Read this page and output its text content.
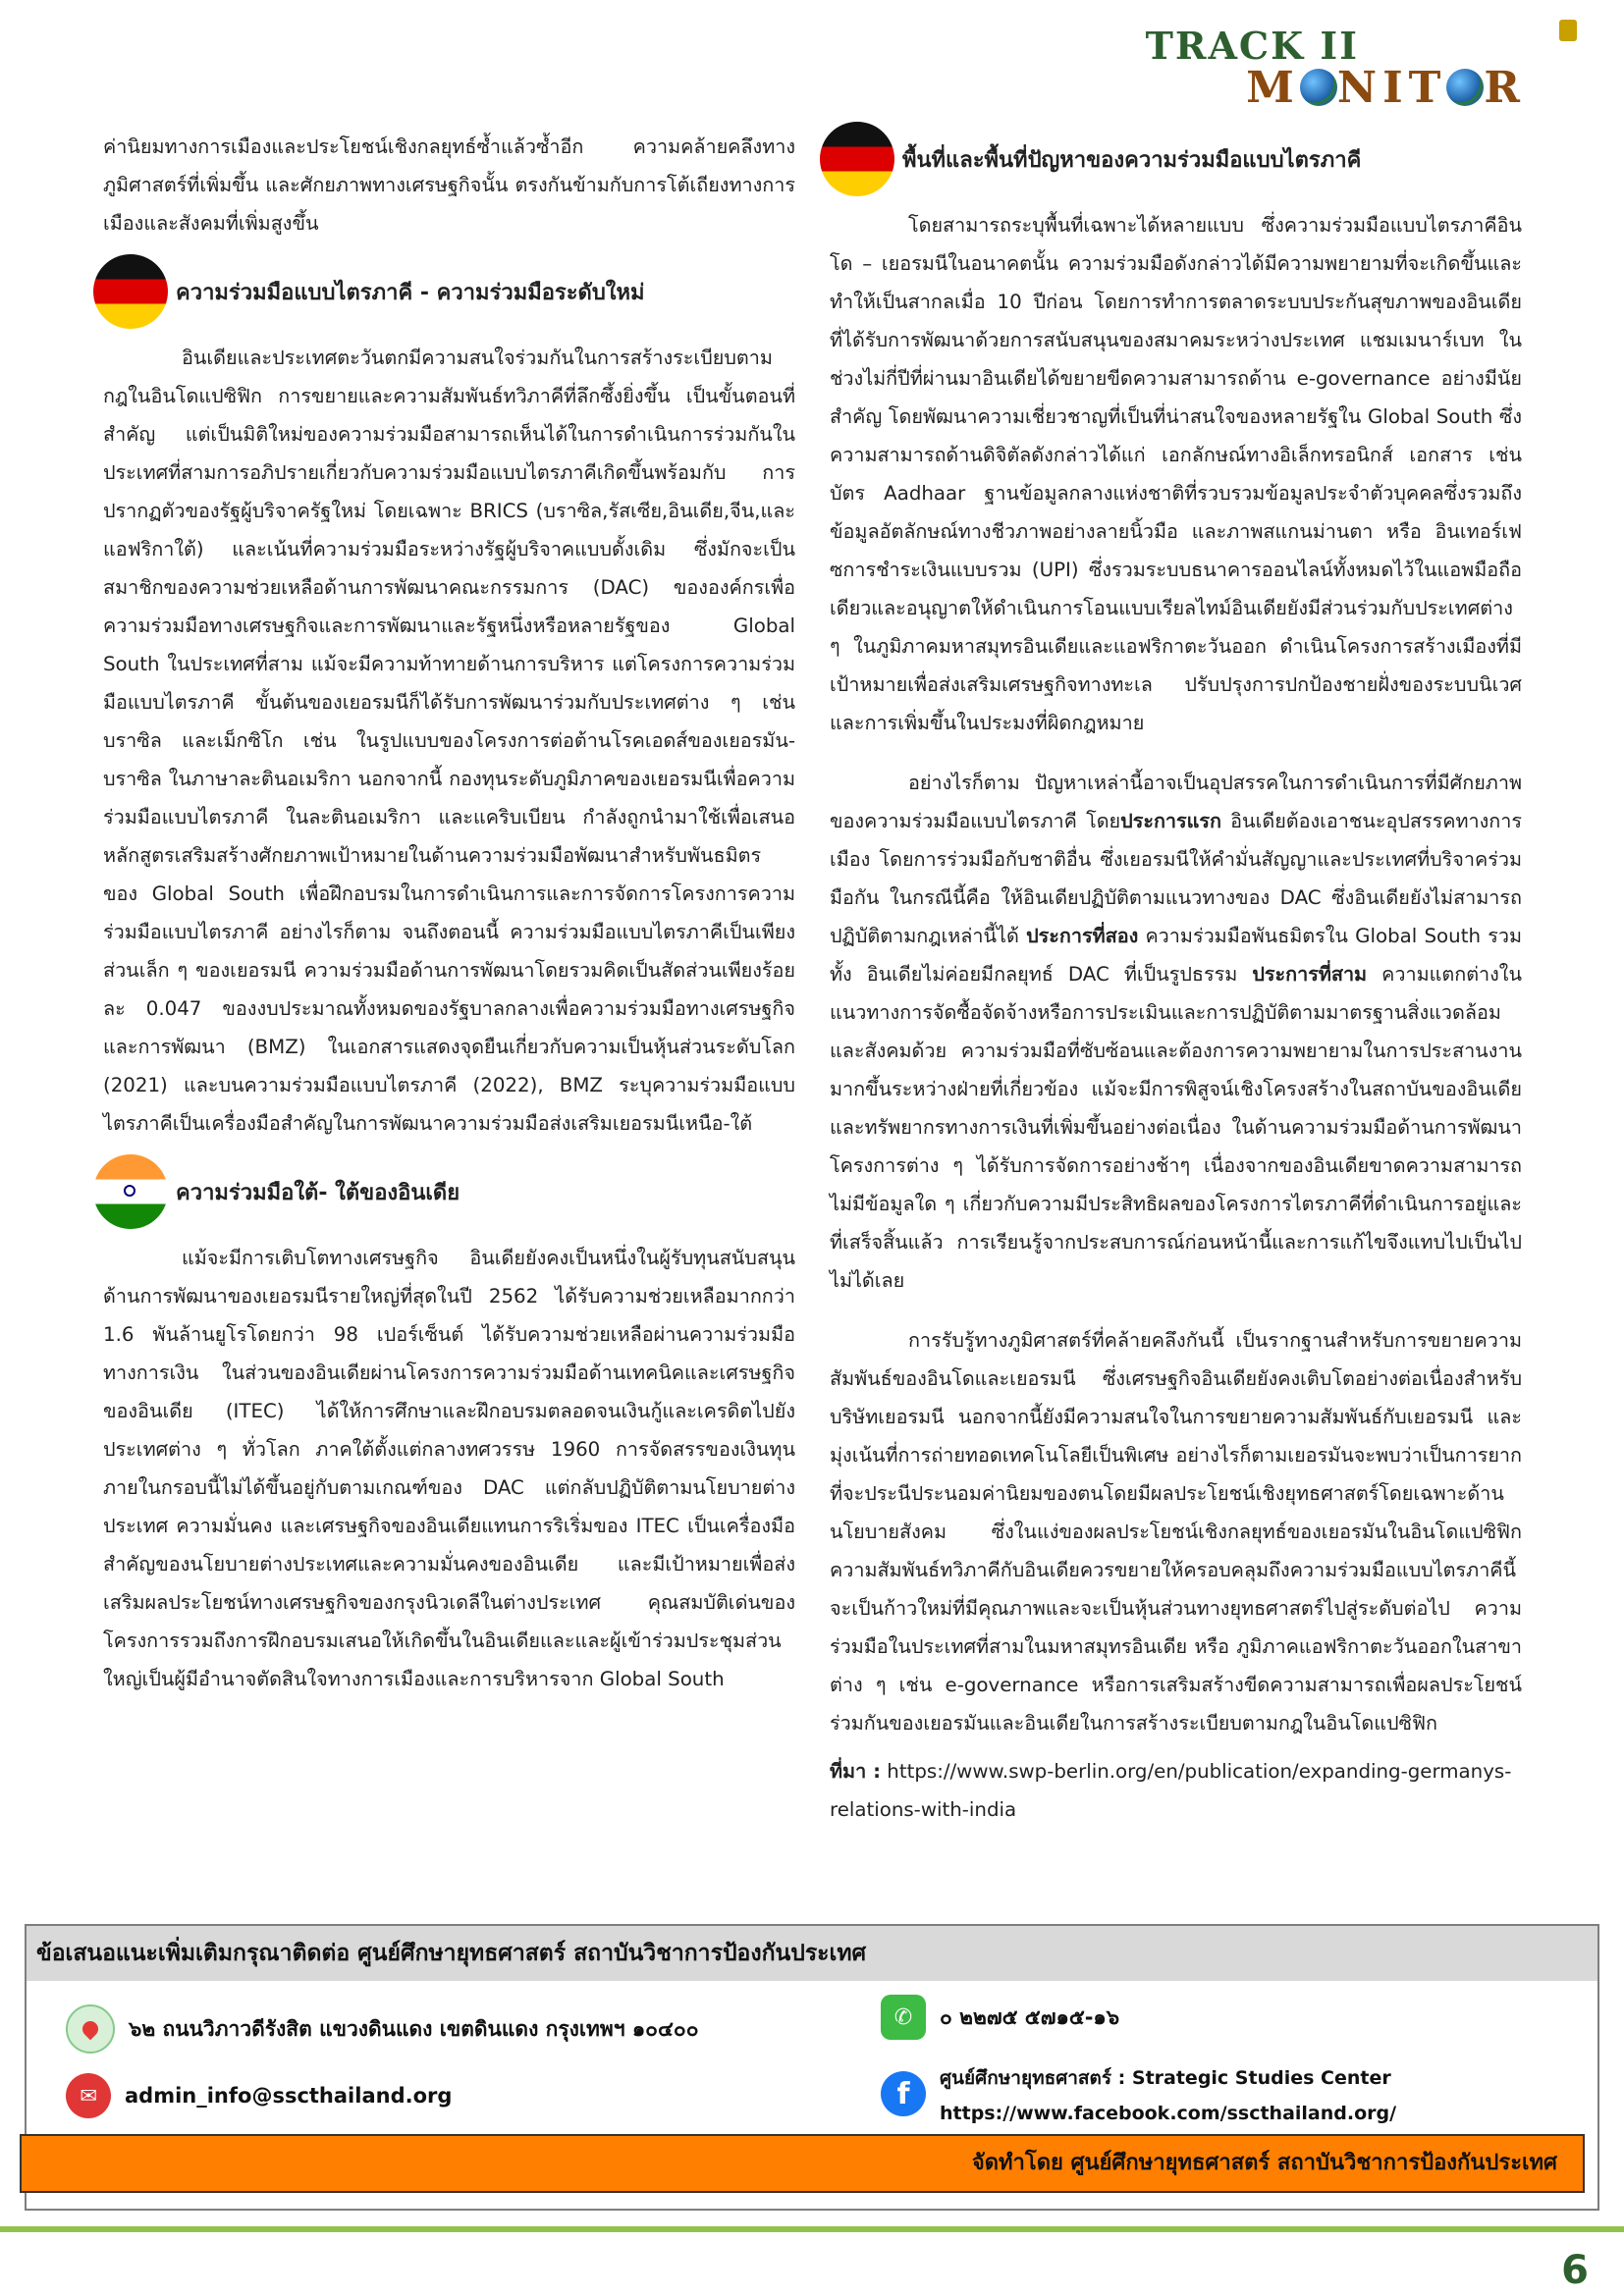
TRACK II
M NIT R

ค่านิยมทางการเมืองและประโยชน์เชิงกลยุทธ์ซ้ำแล้วซ้ำอีก ความคล้ายคลึงทางภูมิศาสตร์ที่เพิ่มขึ้น และศักยภาพทางเศรษฐกิจนั้น ตรงกันข้ามกับการโต้เถียงทางการเมืองและสังคมที่เพิ่มสูงขึ้น

ความร่วมมือแบบไตรภาคี - ความร่วมมือระดับใหม่

อินเดียและประเทศตะวันตกมีความสนใจร่วมกันในการสร้างระเบียบตามกฎในอินโดแปซิฟิก การขยายและความสัมพันธ์ทวิภาคีที่ลึกซึ้งยิ่งขึ้น เป็นขั้นตอนที่สำคัญ แต่เป็นมิติใหม่ของความร่วมมือสามารถเห็นได้ในการดำเนินการร่วมกันในประเทศที่สามการอภิปรายเกี่ยวกับความร่วมมือแบบไตรภาคีเกิดขึ้นพร้อมกับ การปรากฏตัวของรัฐผู้บริจาครัฐใหม่ โดยเฉพาะ BRICS (บราซิล,รัสเซีย,อินเดีย,จีน,และแอฟริกาใต้) และเน้นที่ความร่วมมือระหว่างรัฐผู้บริจาคแบบดั้งเดิม ซึ่งมักจะเป็นสมาชิกของความช่วยเหลือด้านการพัฒนาคณะกรรมการ (DAC) ขององค์กรเพื่อความร่วมมือทางเศรษฐกิจและการพัฒนาและรัฐหนึ่งหรือหลายรัฐของ Global South ในประเทศที่สาม แม้จะมีความท้าทายด้านการบริหาร แต่โครงการความร่วมมือแบบไตรภาคี ขั้นต้นของเยอรมนีก็ได้รับการพัฒนาร่วมกับประเทศต่าง ๆ เช่น บราซิล และเม็กซิโก เช่น ในรูปแบบของโครงการต่อต้านโรคเอดส์ของเยอรมัน-บราซิล ในภาษาละตินอเมริกา นอกจากนี้ กองทุนระดับภูมิภาคของเยอรมนีเพื่อความร่วมมือแบบไตรภาคี ในละตินอเมริกา และแคริบเบียน กำลังถูกนำมาใช้เพื่อเสนอหลักสูตรเสริมสร้างศักยภาพเป้าหมายในด้านความร่วมมือพัฒนาสำหรับพันธมิตรของ Global South เพื่อฝึกอบรมในการดำเนินการและการจัดการโครงการความร่วมมือแบบไตรภาคี อย่างไรก็ตาม จนถึงตอนนี้ ความร่วมมือแบบไตรภาคีเป็นเพียงส่วนเล็ก ๆ ของเยอรมนี ความร่วมมือด้านการพัฒนาโดยรวมคิดเป็นสัดส่วนเพียงร้อยละ 0.047 ของงบประมาณทั้งหมดของรัฐบาลกลางเพื่อความร่วมมือทางเศรษฐกิจและการพัฒนา (BMZ) ในเอกสารแสดงจุดยืนเกี่ยวกับความเป็นหุ้นส่วนระดับโลก (2021) และบนความร่วมมือแบบไตรภาคี (2022), BMZ ระบุความร่วมมือแบบไตรภาคีเป็นเครื่องมือสำคัญในการพัฒนาความร่วมมือส่งเสริมเยอรมนีเหนือ-ใต้

ความร่วมมือใต้- ใต้ของอินเดีย

แม้จะมีการเติบโตทางเศรษฐกิจ อินเดียยังคงเป็นหนึ่งในผู้รับทุนสนับสนุนด้านการพัฒนาของเยอรมนีรายใหญ่ที่สุดในปี 2562 ได้รับความช่วยเหลือมากกว่า 1.6 พันล้านยูโรโดยกว่า 98 เปอร์เซ็นต์ ได้รับความช่วยเหลือผ่านความร่วมมือทางการเงิน ในส่วนของอินเดียผ่านโครงการความร่วมมือด้านเทคนิคและเศรษฐกิจของอินเดีย (ITEC) ได้ให้การศึกษาและฝึกอบรมตลอดจนเงินกู้และเครดิตไปยังประเทศต่าง ๆ ทั่วโลก ภาคใต้ตั้งแต่กลางทศวรรษ 1960 การจัดสรรของเงินทุนภายในกรอบนี้ไม่ได้ขึ้นอยู่กับตามเกณฑ์ของ DAC แต่กลับปฏิบัติตามนโยบายต่างประเทศ ความมั่นคง และเศรษฐกิจของอินเดียแทนการริเริ่มของ ITEC เป็นเครื่องมือสำคัญของนโยบายต่างประเทศและความมั่นคงของอินเดีย และมีเป้าหมายเพื่อส่งเสริมผลประโยชน์ทางเศรษฐกิจของกรุงนิวเดลีในต่างประเทศ คุณสมบัติเด่นของโครงการรวมถึงการฝึกอบรมเสนอให้เกิดขึ้นในอินเดียและและผู้เข้าร่วมประชุมส่วนใหญ่เป็นผู้มีอำนาจตัดสินใจทางการเมืองและการบริหารจาก Global South

พื้นที่และพื้นที่ปัญหาของความร่วมมือแบบไตรภาคี

โดยสามารถระบุพื้นที่เฉพาะได้หลายแบบ ซึ่งความร่วมมือแบบไตรภาคีอินโด – เยอรมนีในอนาคตนั้น ความร่วมมือดังกล่าวได้มีความพยายามที่จะเกิดขึ้นและทำให้เป็นสากลเมื่อ 10 ปีก่อน โดยการทำการตลาดระบบประกันสุขภาพของอินเดีย ที่ได้รับการพัฒนาด้วยการสนับสนุนของสมาคมระหว่างประเทศ แชมเมนาร์เบท ในช่วงไม่กี่ปีที่ผ่านมาอินเดียได้ขยายขีดความสามารถด้าน e-governance อย่างมีนัยสำคัญ โดยพัฒนาความเชี่ยวชาญที่เป็นที่น่าสนใจของหลายรัฐใน Global South ซึ่งความสามารถด้านดิจิตัลดังกล่าวได้แก่ เอกลักษณ์ทางอิเล็กทรอนิกส์ เอกสาร เช่น บัตร Aadhaar ฐานข้อมูลกลางแห่งชาติที่รวบรวมข้อมูลประจำตัวบุคคลซึ่งรวมถึงข้อมูลอัตลักษณ์ทางชีวภาพอย่างลายนิ้วมือ และภาพสแกนม่านตา หรือ อินเทอร์เฟซการชำระเงินแบบรวม (UPI) ซึ่งรวมระบบธนาคารออนไลน์ทั้งหมดไว้ในแอพมือถือเดียวและอนุญาตให้ดำเนินการโอนแบบเรียลไทม์อินเดียยังมีส่วนร่วมกับประเทศต่าง ๆ ในภูมิภาคมหาสมุทรอินเดียและแอฟริกาตะวันออก ดำเนินโครงการสร้างเมืองที่มีเป้าหมายเพื่อส่งเสริมเศรษฐกิจทางทะเล ปรับปรุงการปกป้องชายฝั่งของระบบนิเวศและการเพิ่มขึ้นในประมงที่ผิดกฎหมาย

อย่างไรก็ตาม ปัญหาเหล่านี้อาจเป็นอุปสรรคในการดำเนินการที่มีศักยภาพของความร่วมมือแบบไตรภาคี โดยประการแรก อินเดียต้องเอาชนะอุปสรรคทางการเมือง โดยการร่วมมือกับชาติอื่น ซึ่งเยอรมนีให้คำมั่นสัญญาและประเทศที่บริจาคร่วมมือกัน ในกรณีนี้คือ ให้อินเดียปฏิบัติตามแนวทางของ DAC ซึ่งอินเดียยังไม่สามารถปฏิบัติตามกฎเหล่านี้ได้ ประการที่สอง ความร่วมมือพันธมิตรใน Global South รวมทั้ง อินเดียไม่ค่อยมีกลยุทธ์ DAC ที่เป็นรูปธรรม ประการที่สาม ความแตกต่างในแนวทางการจัดซื้อจัดจ้างหรือการประเมินและการปฏิบัติตามมาตรฐานสิ่งแวดล้อม และสังคมด้วย ความร่วมมือที่ซับซ้อนและต้องการความพยายามในการประสานงานมากขึ้นระหว่างฝ่ายที่เกี่ยวข้อง แม้จะมีการพิสูจน์เชิงโครงสร้างในสถาบันของอินเดีย และทรัพยากรทางการเงินที่เพิ่มขึ้นอย่างต่อเนื่อง ในด้านความร่วมมือด้านการพัฒนาโครงการต่าง ๆ ได้รับการจัดการอย่างช้าๆ เนื่องจากของอินเดียขาดความสามารถ ไม่มีข้อมูลใด ๆ เกี่ยวกับความมีประสิทธิผลของโครงการไตรภาคีที่ดำเนินการอยู่และที่เสร็จสิ้นแล้ว การเรียนรู้จากประสบการณ์ก่อนหน้านี้และการแก้ไขจึงแทบไปเป็นไปไม่ได้เลย

การรับรู้ทางภูมิศาสตร์ที่คล้ายคลึงกันนี้ เป็นรากฐานสำหรับการขยายความสัมพันธ์ของอินโดและเยอรมนี ซึ่งเศรษฐกิจอินเดียยังคงเติบโตอย่างต่อเนื่องสำหรับบริษัทเยอรมนี นอกจากนี้ยังมีความสนใจในการขยายความสัมพันธ์กับเยอรมนี และมุ่งเน้นที่การถ่ายทอดเทคโนโลยีเป็นพิเศษ อย่างไรก็ตามเยอรมันจะพบว่าเป็นการยากที่จะประนีประนอมค่านิยมของตนโดยมีผลประโยชน์เชิงยุทธศาสตร์โดยเฉพาะด้านนโยบายสังคม ซึ่งในแง่ของผลประโยชน์เชิงกลยุทธ์ของเยอรมันในอินโดแปซิฟิก ความสัมพันธ์ทวิภาคีกับอินเดียควรขยายให้ครอบคลุมถึงความร่วมมือแบบไตรภาคีนี้จะเป็นก้าวใหม่ที่มีคุณภาพและจะเป็นหุ้นส่วนทางยุทธศาสตร์ไปสู่ระดับต่อไป ความร่วมมือในประเทศที่สามในมหาสมุทรอินเดีย หรือ ภูมิภาคแอฟริกาตะวันออกในสาขาต่าง ๆ เช่น e-governance หรือการเสริมสร้างขีดความสามารถเพื่อผลประโยชน์ร่วมกันของเยอรมันและอินเดียในการสร้างระเบียบตามกฎในอินโดแปซิฟิก

ที่มา : https://www.swp-berlin.org/en/publication/expanding-germanys-relations-with-india

ข้อเสนอแนะเพิ่มเติมกรุณาติดต่อ ศูนย์ศึกษายุทธศาสตร์ สถาบันวิชาการป้องกันประเทศ
๖๒ ถนนวิภาวดีรังสิต แขวงดินแดง เขตดินแดง กรุงเทพฯ ๑๐๔๐๐
✉	admin_info@sscthailand.org
✆	๐ ๒๒๗๕ ๕๗๑๕-๑๖
f	ศูนย์ศึกษายุทธศาสตร์ : Strategic Studies Center
https://www.facebook.com/sscthailand.org/
จัดทำโดย ศูนย์ศึกษายุทธศาสตร์ สถาบันวิชาการป้องกันประเทศ
6
